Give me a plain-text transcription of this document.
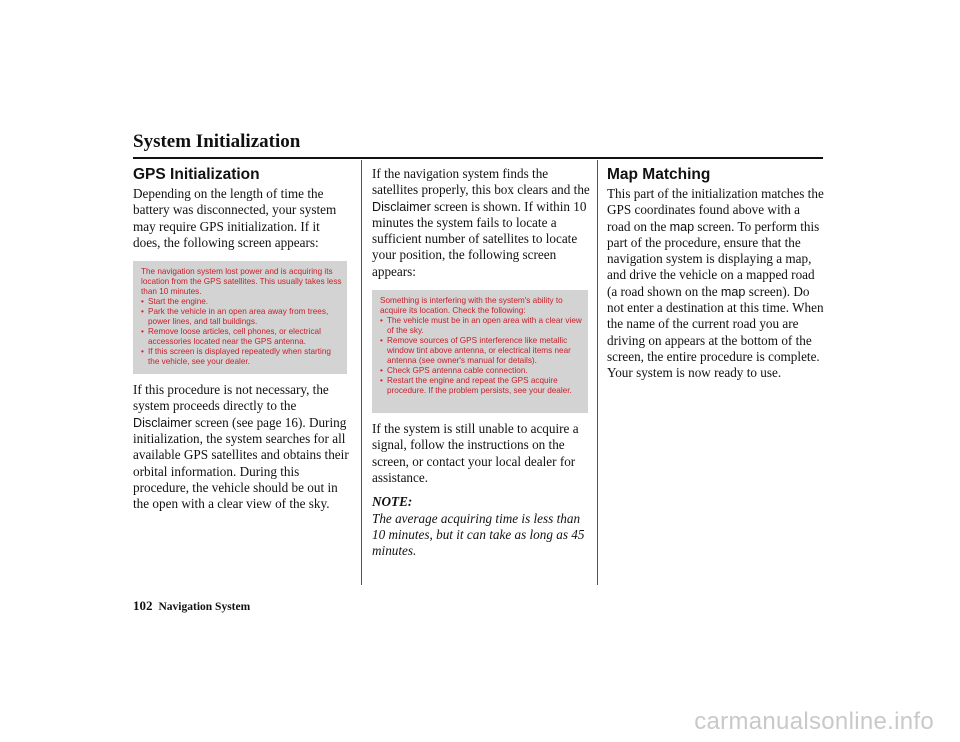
System Initialization
GPS Initialization

Depending on the length of time the battery was disconnected, your system may require GPS initialization. If it does, the following screen appears:

The navigation system lost power and is acquiring its location from the GPS satellites. This usually takes less than 10 minutes.
• Start the engine.
• Park the vehicle in an open area away from trees, power lines, and tall buildings.
• Remove loose articles, cell phones, or electrical accessories located near the GPS antenna.
• If this screen is displayed repeatedly when starting the vehicle, see your dealer.

If this procedure is not necessary, the system proceeds directly to the Disclaimer screen (see page 16). During initialization, the system searches for all available GPS satellites and obtains their orbital information. During this procedure, the vehicle should be out in the open with a clear view of the sky.

If the navigation system finds the satellites properly, this box clears and the Disclaimer screen is shown. If within 10 minutes the system fails to locate a sufficient number of satellites to locate your position, the following screen appears:

Something is interfering with the system's ability to acquire its location. Check the following:
• The vehicle must be in an open area with a clear view of the sky.
• Remove sources of GPS interference like metallic window tint above antenna, or electrical items near antenna (see owner's manual for details).
• Check GPS antenna cable connection.
• Restart the engine and repeat the GPS acquire procedure. If the problem persists, see your dealer.

If the system is still unable to acquire a signal, follow the instructions on the screen, or contact your local dealer for assistance.

NOTE:

The average acquiring time is less than 10 minutes, but it can take as long as 45 minutes.

Map Matching

This part of the initialization matches the GPS coordinates found above with a road on the map screen. To perform this part of the procedure, ensure that the navigation system is displaying a map, and drive the vehicle on a mapped road (a road shown on the map screen). Do not enter a destination at this time. When the name of the current road you are driving on appears at the bottom of the screen, the entire procedure is complete. Your system is now ready to use.

102 Navigation System
carmanualsonline.info
